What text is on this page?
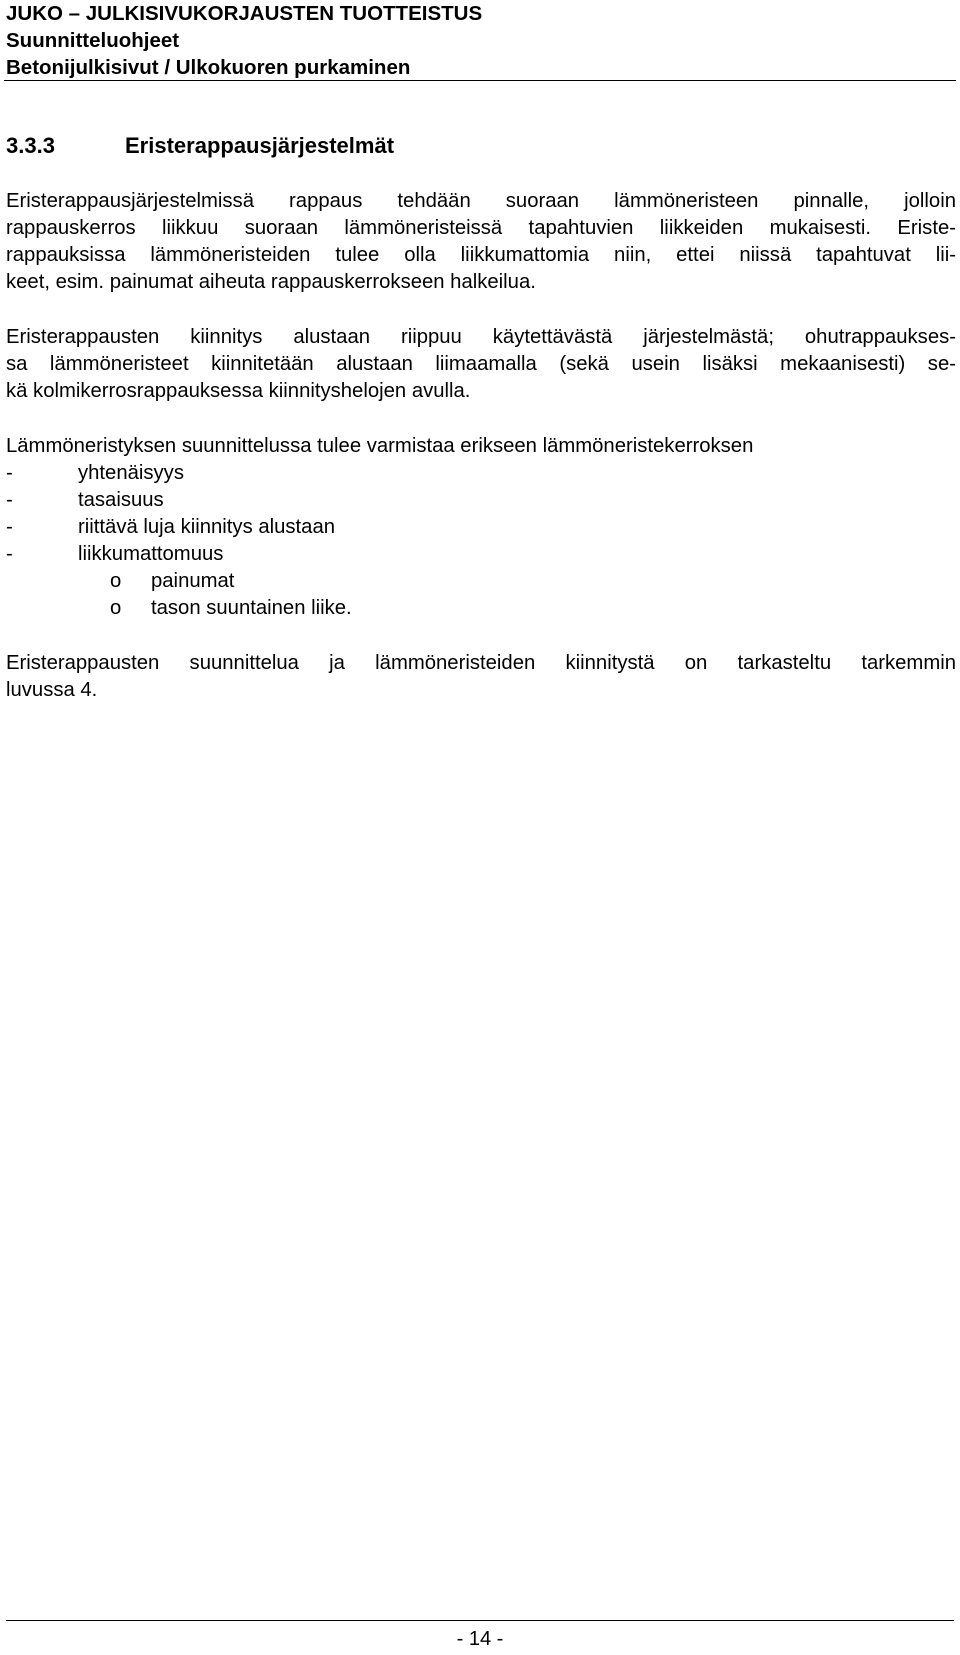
JUKO – JULKISIVUKORJAUSTEN TUOTTEISTUS
Suunnitteluohjeet
Betonijulkisivut / Ulkokuoren purkaminen
3.3.3	Eristerappausjärjestelmät
Eristerappausjärjestelmissä rappaus tehdään suoraan lämmöneristeen pinnalle, jolloin
rappauskerros liikkuu suoraan lämmöneristeissä tapahtuvien liikkeiden mukaisesti. Eriste-
rappauksissa lämmöneristeiden tulee olla liikkumattomia niin, ettei niissä tapahtuvat lii-
keet, esim. painumat aiheuta rappauskerrokseen halkeilua.
Eristerappausten kiinnitys alustaan riippuu käytettävästä järjestelmästä; ohutrappaukses-
sa lämmöneristeet kiinnitetään alustaan liimaamalla (sekä usein lisäksi mekaanisesti) se-
kä kolmikerrosrappauksessa kiinnityshelojen avulla.
Lämmöneristyksen suunnittelussa tulee varmistaa erikseen lämmöneristekerroksen
-	yhtenäisyys
-	tasaisuus
-	riittävä luja kiinnitys alustaan
-	liikkumattomuus
o painumat
o tason suuntainen liike.
Eristerappausten suunnittelua ja lämmöneristeiden kiinnitystä on tarkasteltu tarkemmin
luvussa 4.
- 14 -
